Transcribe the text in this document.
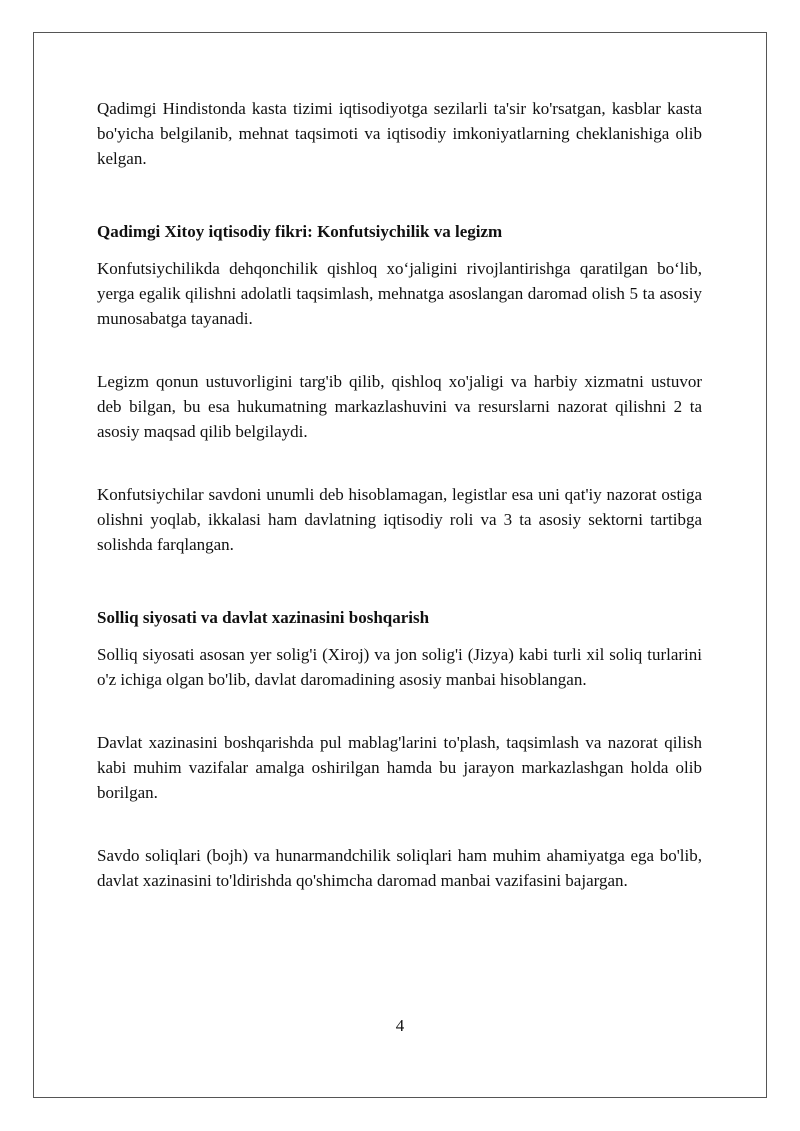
Qadimgi Hindistonda kasta tizimi iqtisodiyotga sezilarli ta'sir ko'rsatgan, kasblar kasta bo'yicha belgilanib, mehnat taqsimoti va iqtisodiy imkoniyatlarning cheklanishiga olib kelgan.

Qadimgi Xitoy iqtisodiy fikri: Konfutsiychilik va legizm

Konfutsiychilikda dehqonchilik qishloq xo‘jaligini rivojlantirishga qaratilgan bo‘lib, yerga egalik qilishni adolatli taqsimlash, mehnatga asoslangan daromad olish 5 ta asosiy munosabatga tayanadi.

Legizm qonun ustuvorligini targ'ib qilib, qishloq xo'jaligi va harbiy xizmatni ustuvor deb bilgan, bu esa hukumatning markazlashuvini va resurslarni nazorat qilishni 2 ta asosiy maqsad qilib belgilaydi.

Konfutsiychilar savdoni unumli deb hisoblamagan, legistlar esa uni qat'iy nazorat ostiga olishni yoqlab, ikkalasi ham davlatning iqtisodiy roli va 3 ta asosiy sektorni tartibga solishda farqlangan.

Solliq siyosati va davlat xazinasini boshqarish

Solliq siyosati asosan yer solig'i (Xiroj) va jon solig'i (Jizya) kabi turli xil soliq turlarini o'z ichiga olgan bo'lib, davlat daromadining asosiy manbai hisoblangan.

Davlat xazinasini boshqarishda pul mablag'larini to'plash, taqsimlash va nazorat qilish kabi muhim vazifalar amalga oshirilgan hamda bu jarayon markazlashgan holda olib borilgan.

Savdo soliqlari (bojh) va hunarmandchilik soliqlari ham muhim ahamiyatga ega bo'lib, davlat xazinasini to'ldirishda qo'shimcha daromad manbai vazifasini bajargan.

4
